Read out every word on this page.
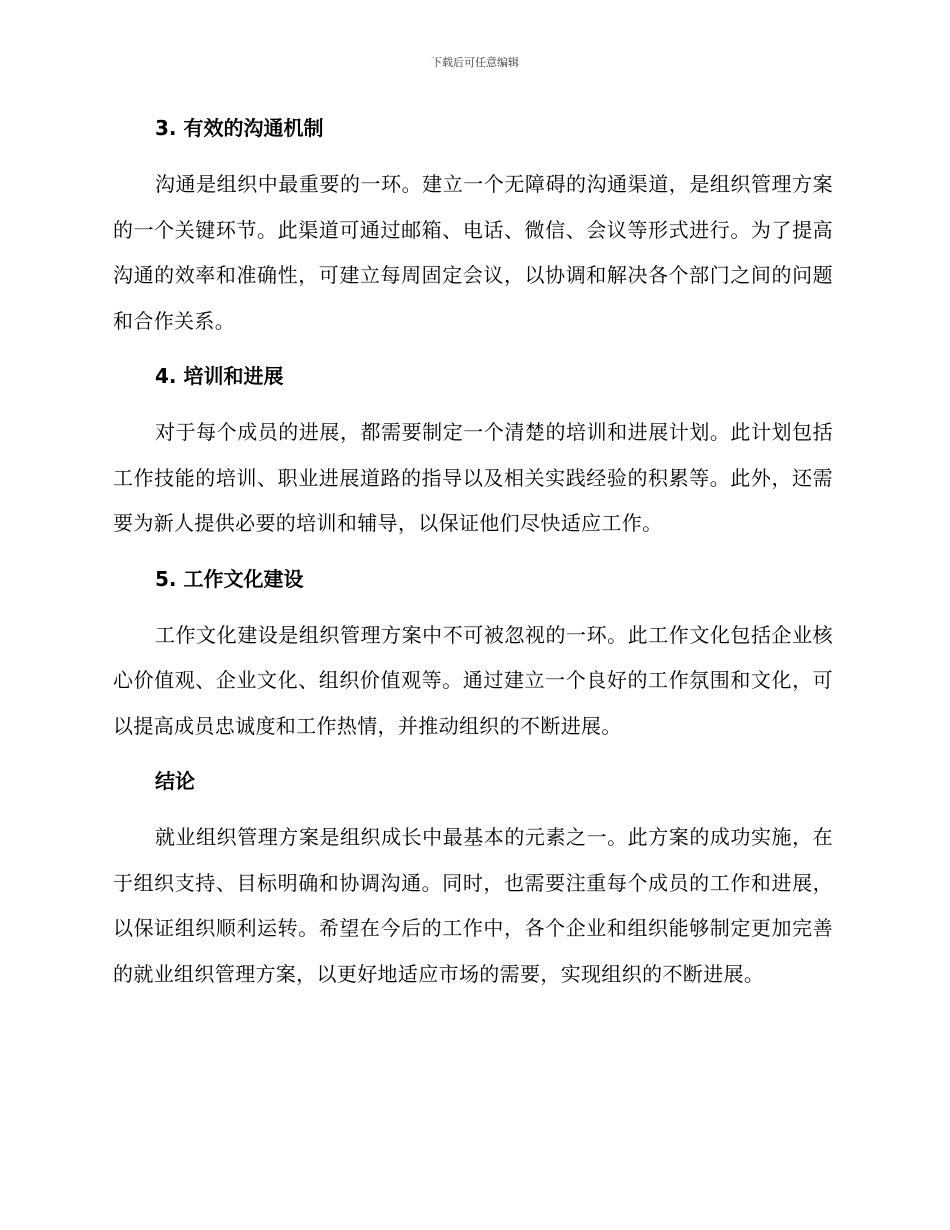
下载后可任意编辑
3. 有效的沟通机制

沟通是组织中最重要的一环。建立一个无障碍的沟通渠道，是组织管理方案的一个关键环节。此渠道可通过邮箱、电话、微信、会议等形式进行。为了提高沟通的效率和准确性，可建立每周固定会议，以协调和解决各个部门之间的问题和合作关系。

4. 培训和进展

对于每个成员的进展，都需要制定一个清楚的培训和进展计划。此计划包括工作技能的培训、职业进展道路的指导以及相关实践经验的积累等。此外，还需要为新人提供必要的培训和辅导，以保证他们尽快适应工作。

5. 工作文化建设

工作文化建设是组织管理方案中不可被忽视的一环。此工作文化包括企业核心价值观、企业文化、组织价值观等。通过建立一个良好的工作氛围和文化，可以提高成员忠诚度和工作热情，并推动组织的不断进展。

结论

就业组织管理方案是组织成长中最基本的元素之一。此方案的成功实施，在于组织支持、目标明确和协调沟通。同时，也需要注重每个成员的工作和进展，以保证组织顺利运转。希望在今后的工作中，各个企业和组织能够制定更加完善的就业组织管理方案，以更好地适应市场的需要，实现组织的不断进展。
